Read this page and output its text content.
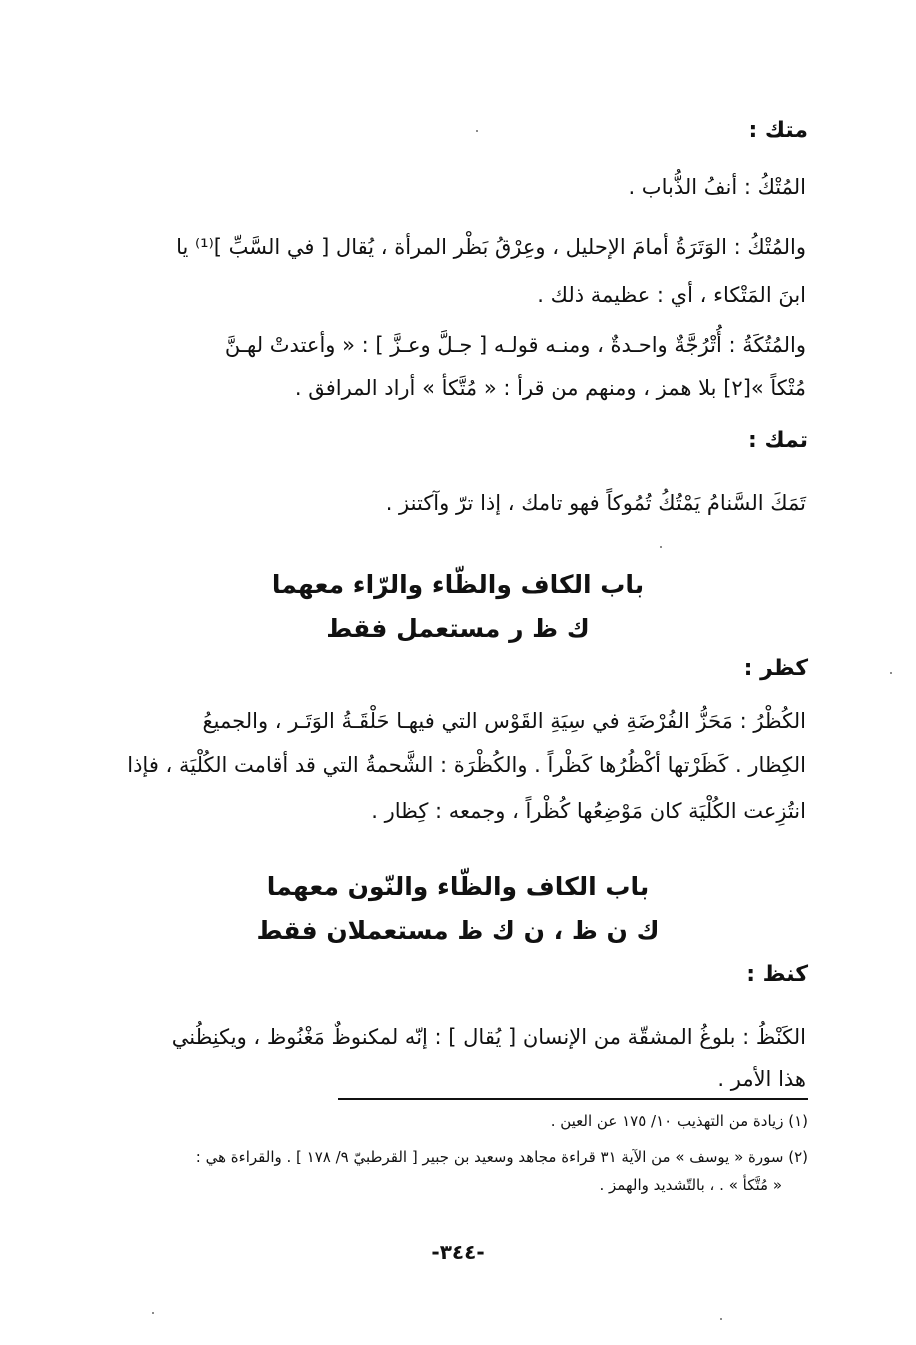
متك :
المُتْكُ : أنفُ الذُّباب .
والمُتْكُ : الوَتَرَةُ أمامَ الإحليل ، وعِرْقُ بَظْر المرأة ، يُقال [ في السَّبِّ ]⁽¹⁾ يا
ابنَ المَتْكاء ، أي : عظيمة ذلك .
والمُتُكَةُ : أُتْرُجَّةٌ واحـدةٌ ، ومنـه قولـه [ جـلَّ وعـزَّ ] : « وأعتدتْ لهـنَّ
مُتْكاً »[٢] بلا همز ، ومنهم من قرأ : « مُتَّكأ » أراد المرافق .
تمك :
تَمَكَ السَّنامُ يَمْتُكُ تُمُوكاً فهو تامك ، إذا ترّ وآكتنز .
باب الكاف والظّاء والرّاء معهما
ك ظ ر مستعمل فقط
كظر :
الكُظْرُ : مَحَزُّ الفُرْضَةِ في سِيَةِ القَوْس التي فيهـا حَلْقَـةُ الوَتَـر ، والجميعُ
الكِظار . كَظَرْتها أكْظُرُها كَظْراً . والكُظْرَة : الشَّحمةُ التي قد أقامت الكُلْيَة ، فإذا
انتُزِعت الكُلْيَة كان مَوْضِعُها كُظْراً ، وجمعه : كِظار .
باب الكاف والظّاء والنّون معهما
ك ن ظ ، ن ك ظ مستعملان فقط
كنظ :
الكَنْظُ : بلوغُ المشقّة من الإنسان [ يُقال ] : إنّه لمكنوظٌ مَغْنُوظ ، ويكنِظُني
هذا الأمر .
(١) زيادة من التهذيب ١٠/ ١٧٥ عن العين .
(٢) سورة « يوسف » من الآية ٣١ قراءة مجاهد وسعيد بن جبير [ القرطبيّ ٩/ ١٧٨ ] . والقراءة هي :
« مُتَّكأ » . ، بالتّشديد والهمز .
-٣٤٤-
